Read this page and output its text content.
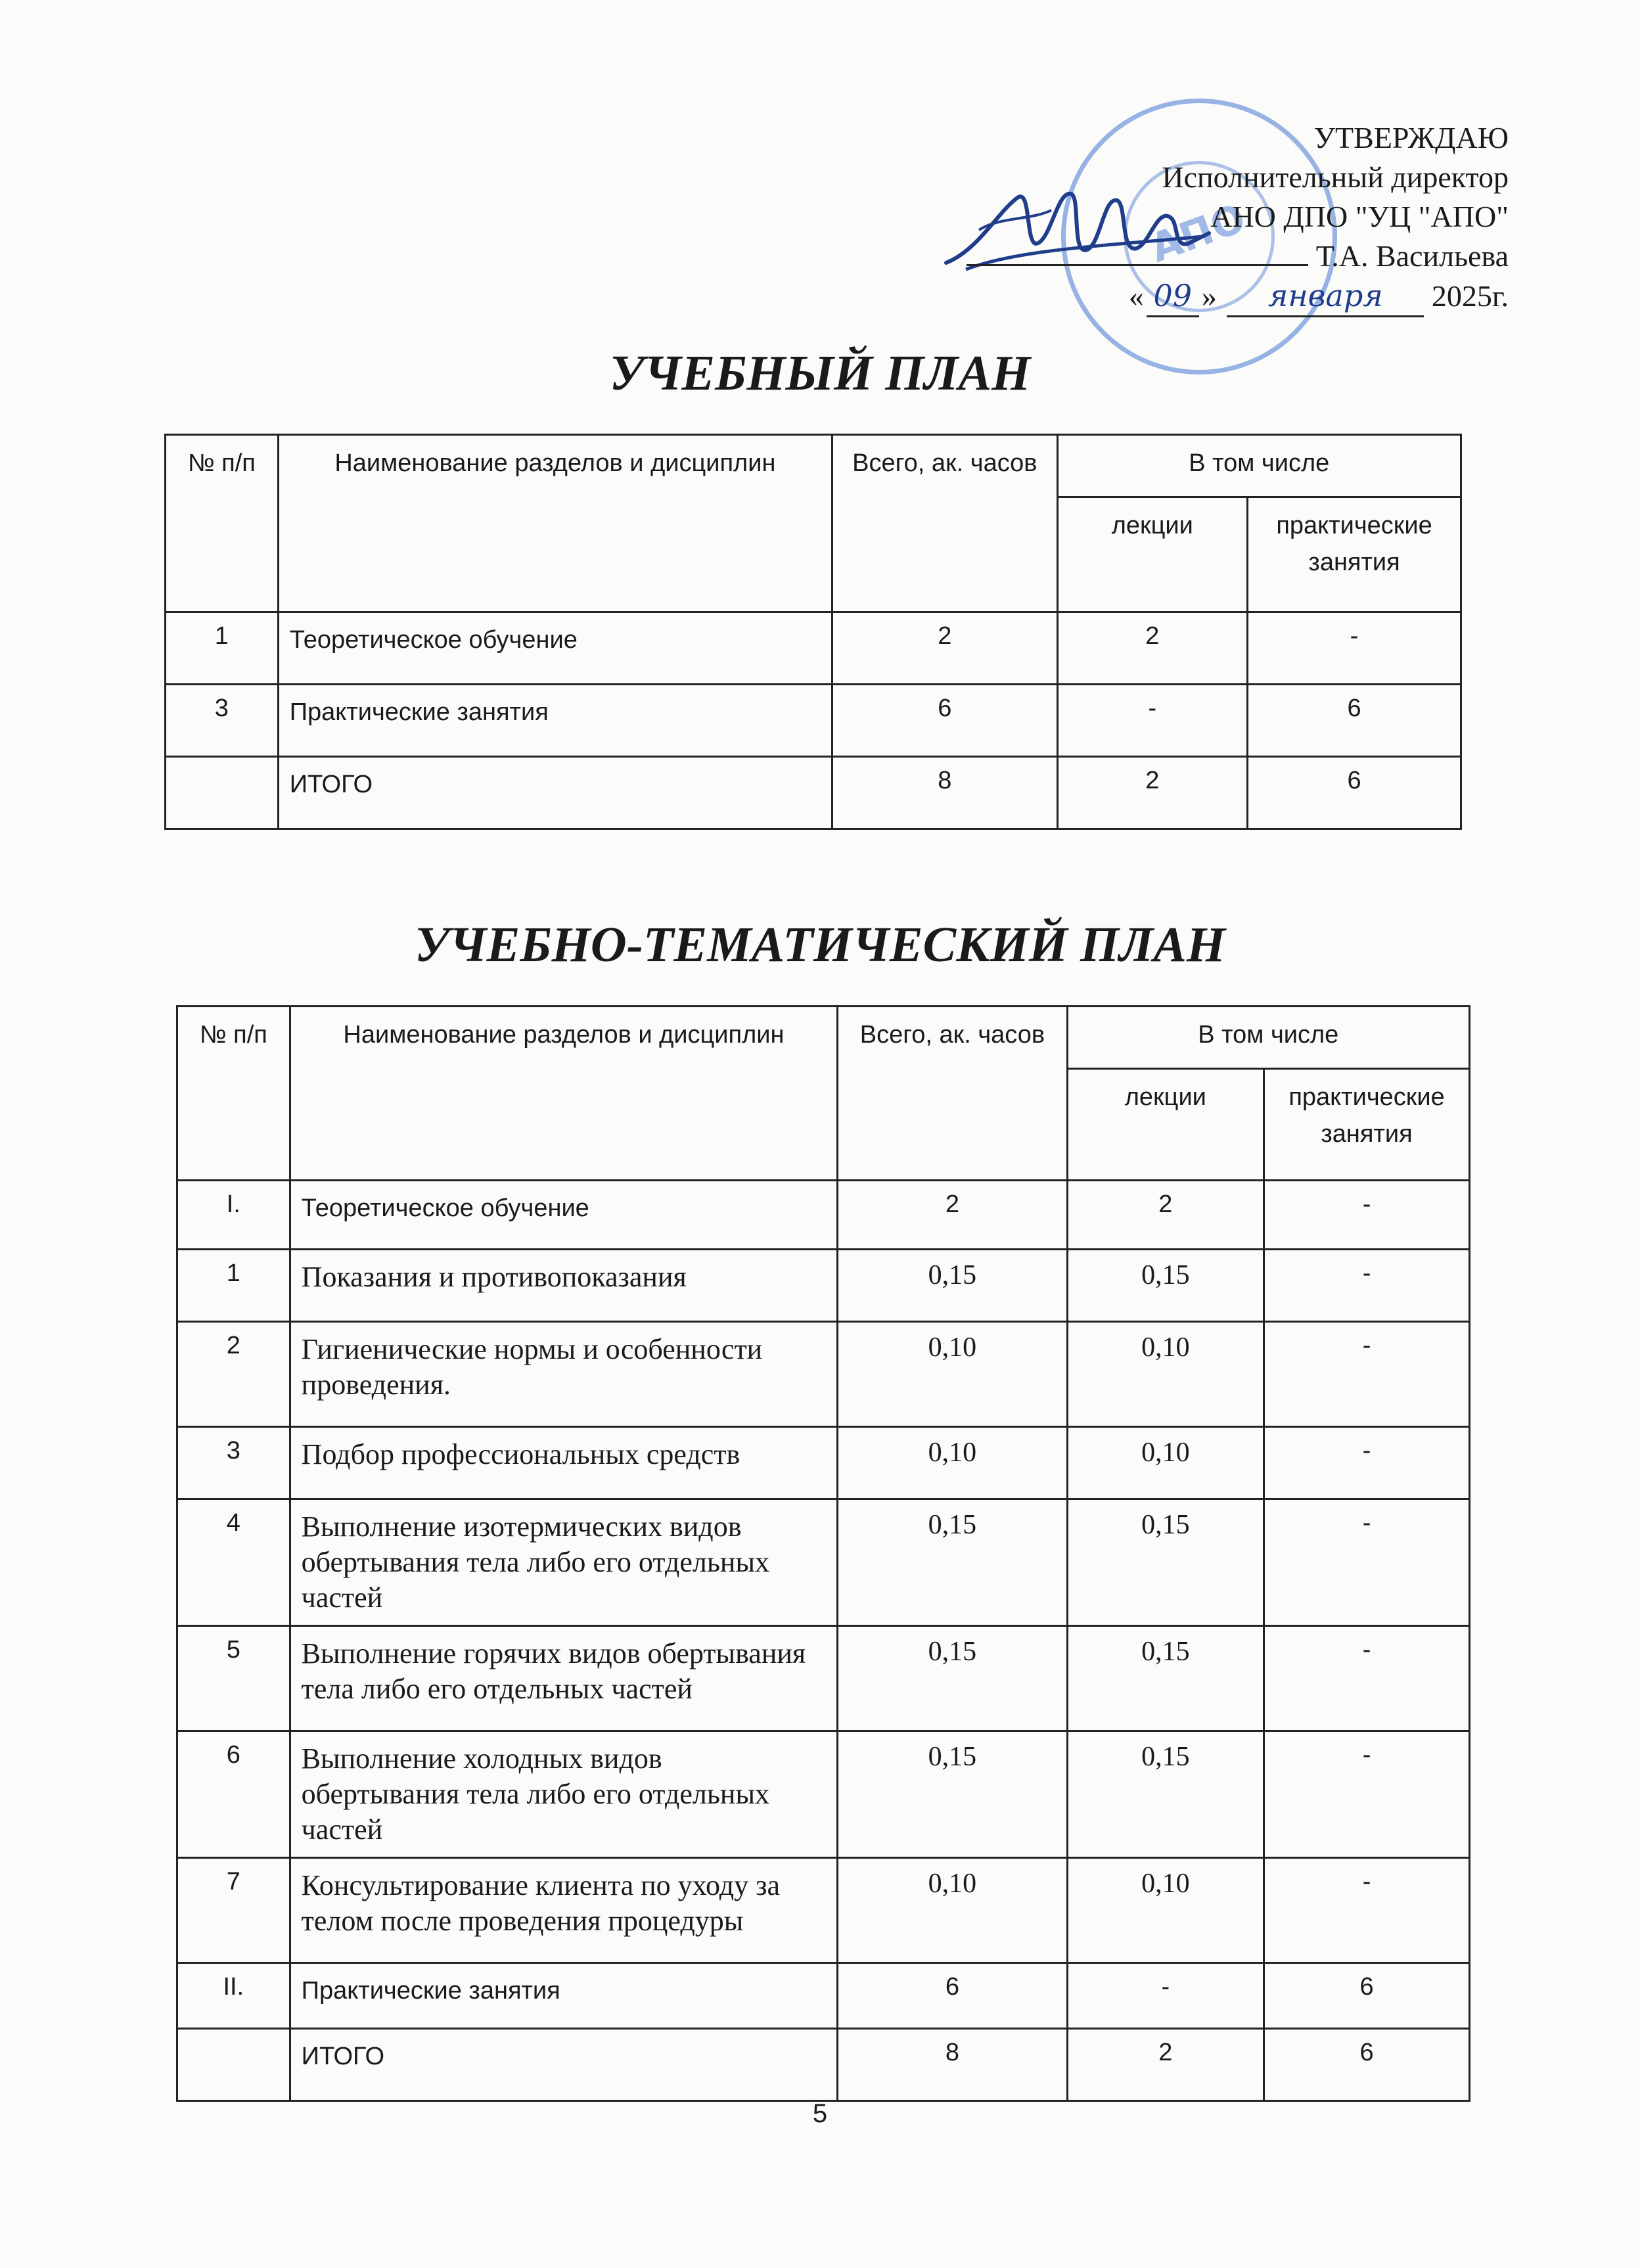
АПО
УТВЕРЖДАЮ
Исполнительный директор
АНО ДПО "УЦ "АПО"
Т.А. Васильева
« 09 » января 2025г.
УЧЕБНЫЙ ПЛАН
№ п/п	Наименование разделов и дисциплин	Всего, ак. часов	В том числе	
			лекции	практические занятия
1	Теоретическое обучение	2	2	-
3	Практические занятия	6	-	6
	ИТОГО	8	2	6
УЧЕБНО-ТЕМАТИЧЕСКИЙ ПЛАН
№ п/п	Наименование разделов и дисциплин	Всего, ак. часов	В том числе	
			лекции	практические занятия
I.	Теоретическое обучение	2	2	-
1	Показания и противопоказания	0,15	0,15	-
2	Гигиенические нормы и особенности проведения.	0,10	0,10	-
3	Подбор профессиональных средств	0,10	0,10	-
4	Выполнение изотермических видов обертывания тела либо его отдельных частей	0,15	0,15	-
5	Выполнение горячих видов обертывания тела либо его отдельных частей	0,15	0,15	-
6	Выполнение холодных видов обертывания тела либо его отдельных частей	0,15	0,15	-
7	Консультирование клиента по уходу за телом после проведения процедуры	0,10	0,10	-
II.	Практические занятия	6	-	6
	ИТОГО	8	2	6
5
